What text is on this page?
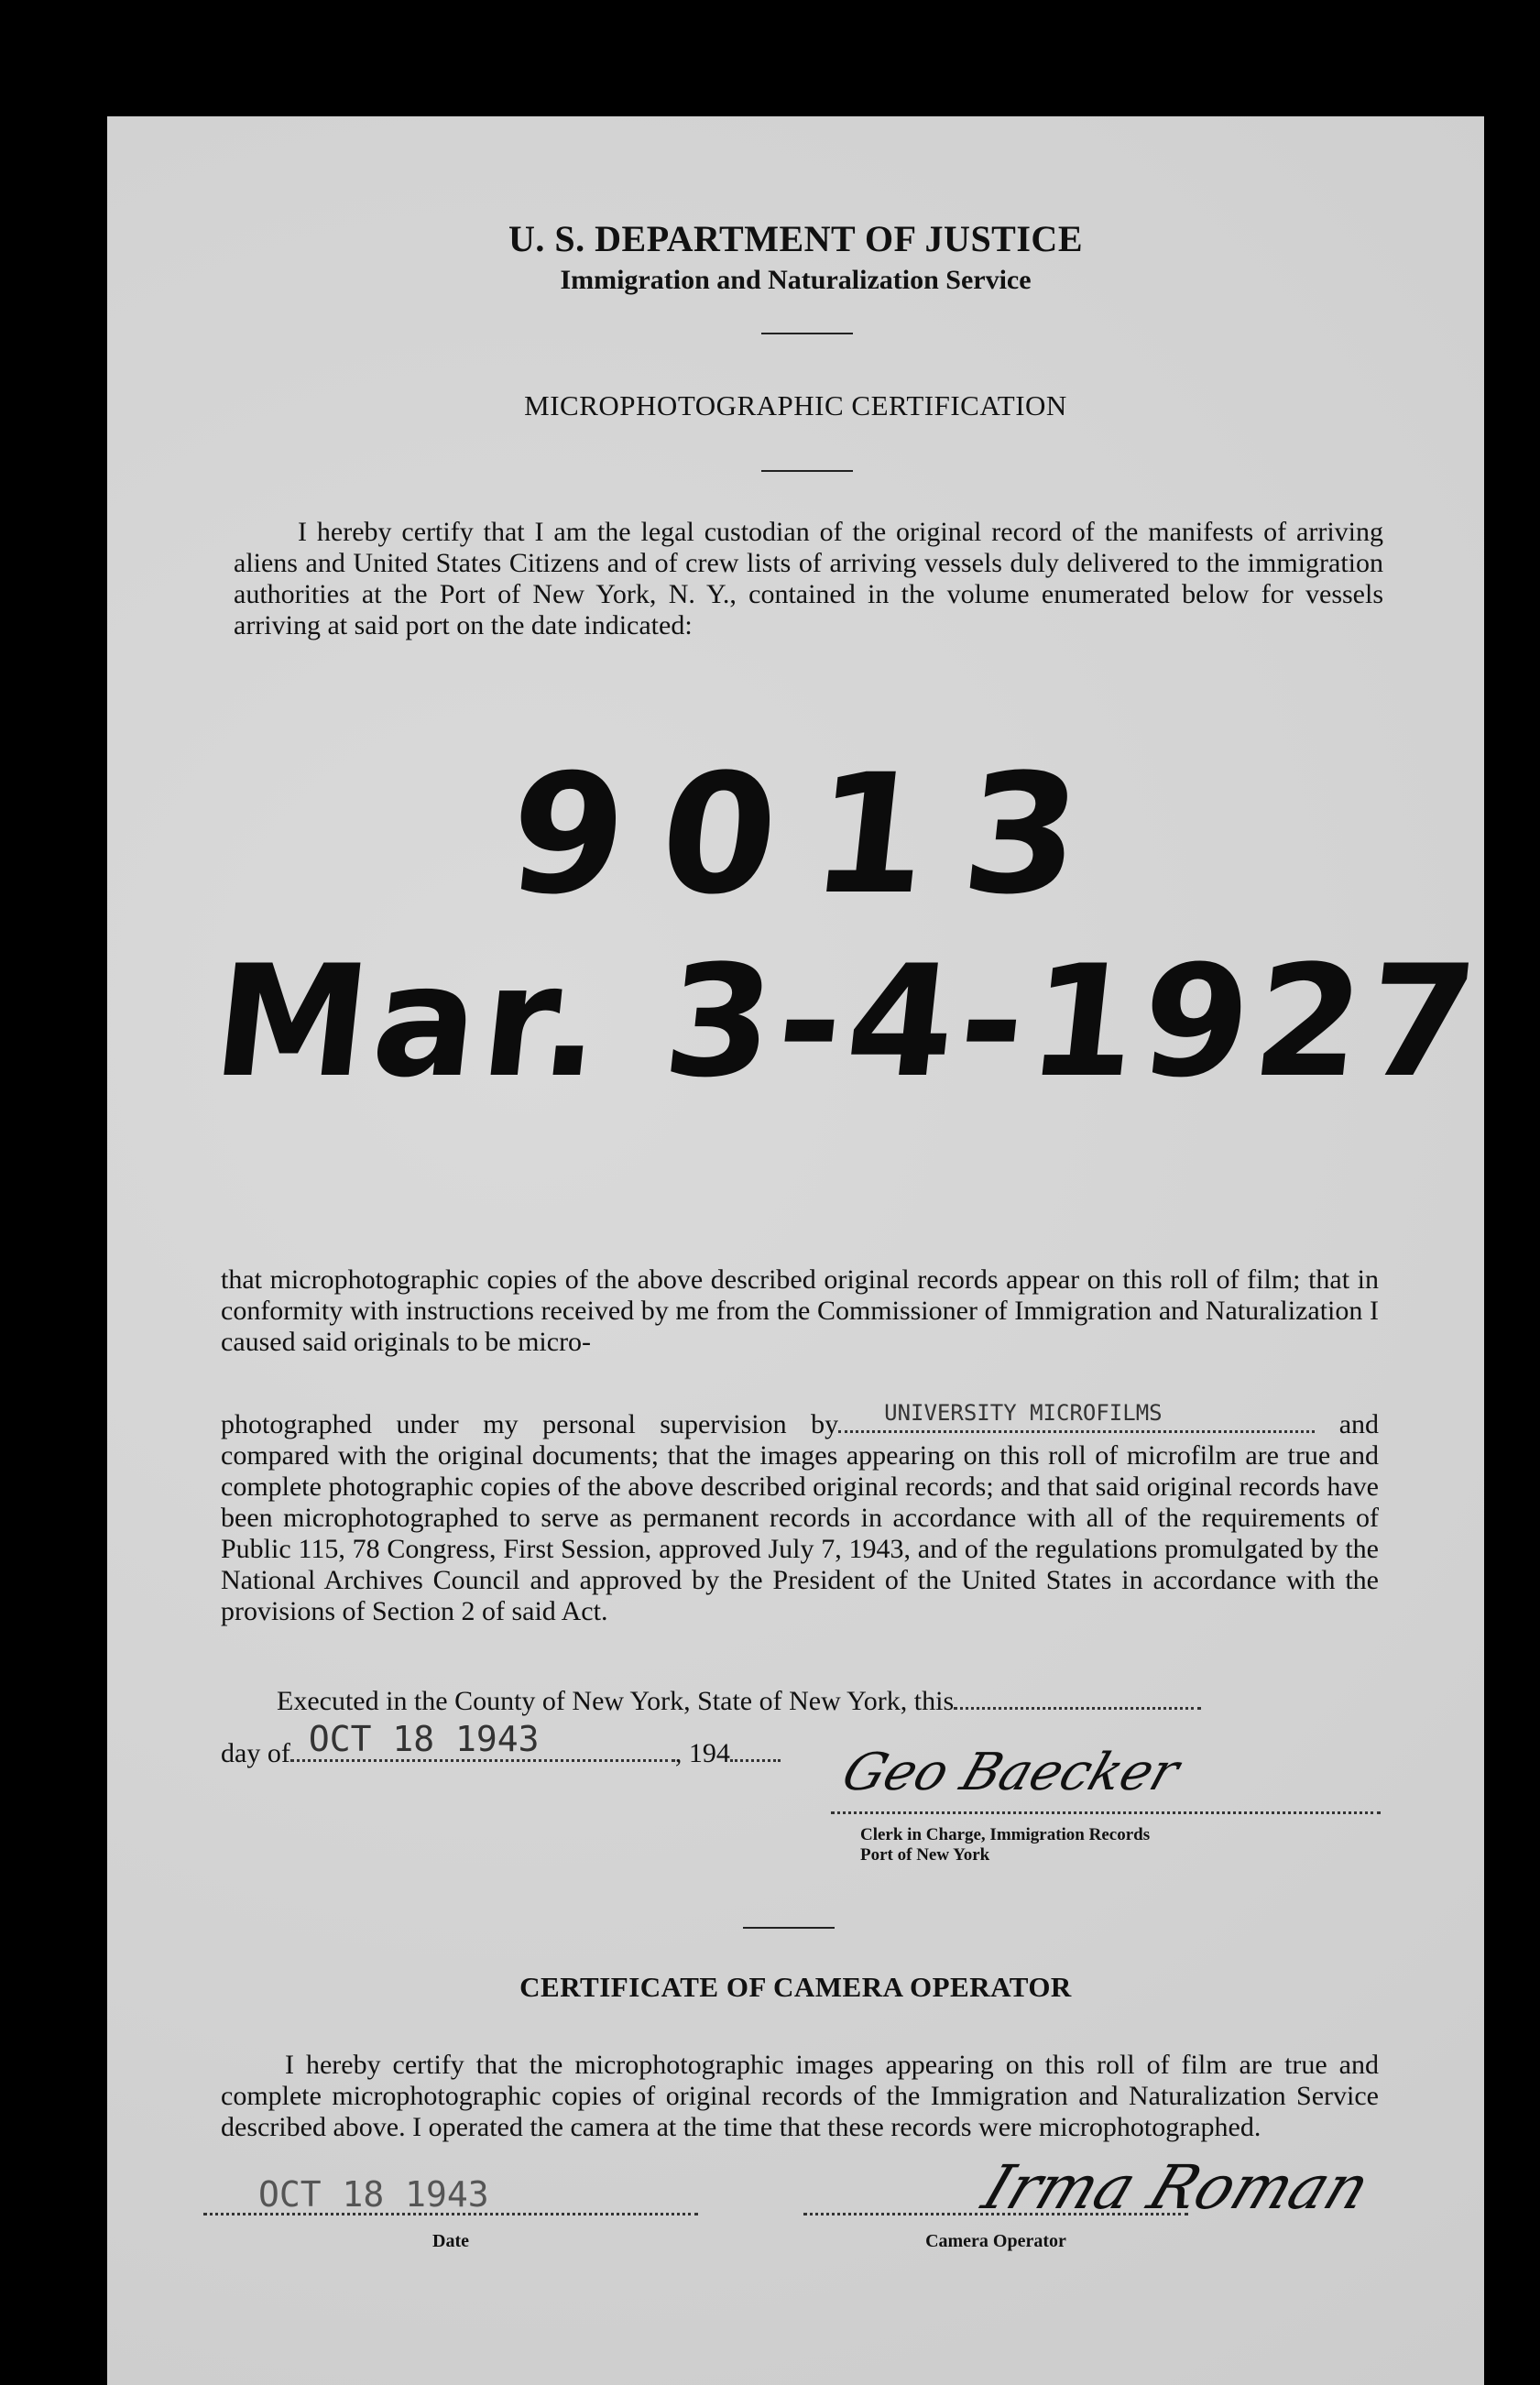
U. S. DEPARTMENT OF JUSTICE
Immigration and Naturalization Service
MICROPHOTOGRAPHIC CERTIFICATION
I hereby certify that I am the legal custodian of the original record of the manifests of arriving aliens and United States Citizens and of crew lists of arriving vessels duly delivered to the immigration authorities at the Port of New York, N. Y., contained in the volume enumerated below for vessels arriving at said port on the date indicated:
9013
Mar. 3-4-1927
that microphotographic copies of the above described original records appear on this roll of film; that in conformity with instructions received by me from the Commissioner of Immigration and Naturalization I caused said originals to be micro-
photographed under my personal supervision by UNIVERSITY MICROFILMS	and compared with the original documents; that the images appearing on this roll of microfilm are true and complete photographic copies of the above described original records; and that said original records have been microphotographed to serve as permanent records in accordance with all of the requirements of Public 115, 78 Congress, First Session, approved July 7, 1943, and of the regulations promulgated by the National Archives Council and approved by the President of the United States in accordance with the provisions of Section 2 of said Act.
Executed in the County of New York, State of New York, this
day of OCT 18 1943	, 194	Geo Baecker
Clerk in Charge, Immigration Records
Port of New York
CERTIFICATE OF CAMERA OPERATOR
I hereby certify that the microphotographic images appearing on this roll of film are true and complete microphotographic copies of original records of the Immigration and Naturalization Service described above. I operated the camera at the time that these records were microphotographed.
OCT 18 1943
Date
Irma Roman
Camera Operator
